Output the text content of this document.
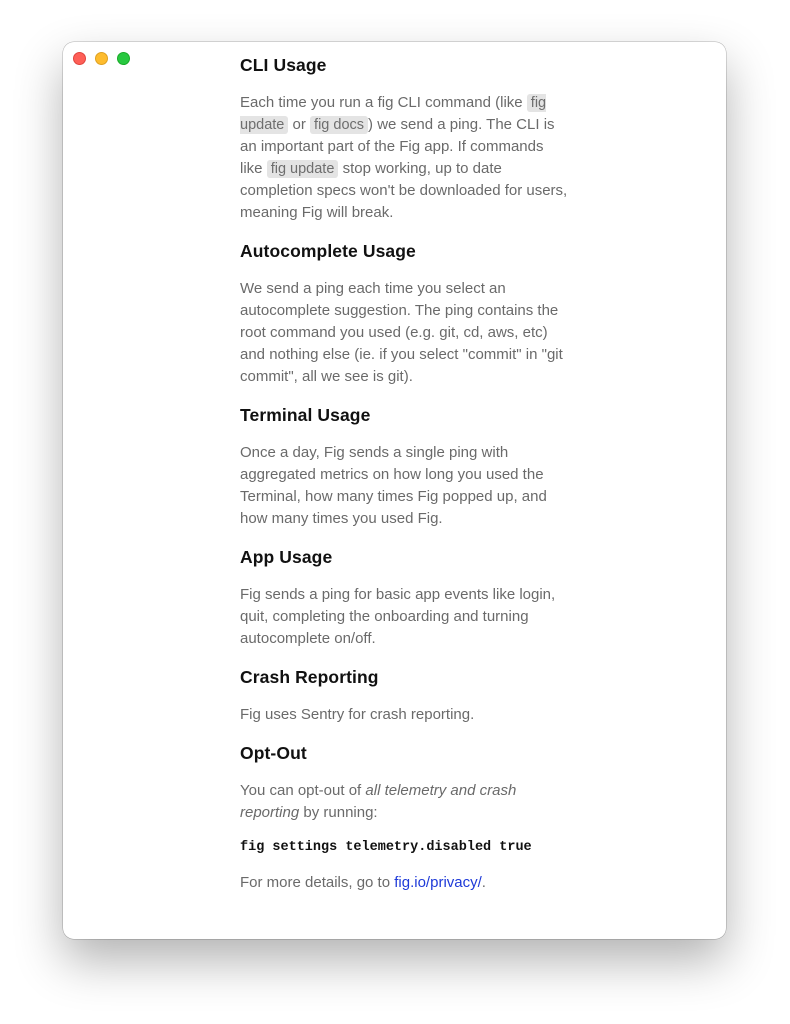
CLI Usage

Each time you run a fig CLI command (like fig update or fig docs ) we send a ping. The CLI is an important part of the Fig app. If commands like fig update stop working, up to date completion specs won't be downloaded for users, meaning Fig will break.

Autocomplete Usage

We send a ping each time you select an autocomplete suggestion. The ping contains the root command you used (e.g. git, cd, aws, etc) and nothing else (ie. if you select "commit" in "git commit", all we see is git).

Terminal Usage

Once a day, Fig sends a single ping with aggregated metrics on how long you used the Terminal, how many times Fig popped up, and how many times you used Fig.

App Usage

Fig sends a ping for basic app events like login, quit, completing the onboarding and turning autocomplete on/off.

Crash Reporting

Fig uses Sentry for crash reporting.

Opt-Out

You can opt-out of all telemetry and crash reporting by running:

fig settings telemetry.disabled true

For more details, go to fig.io/privacy/.
